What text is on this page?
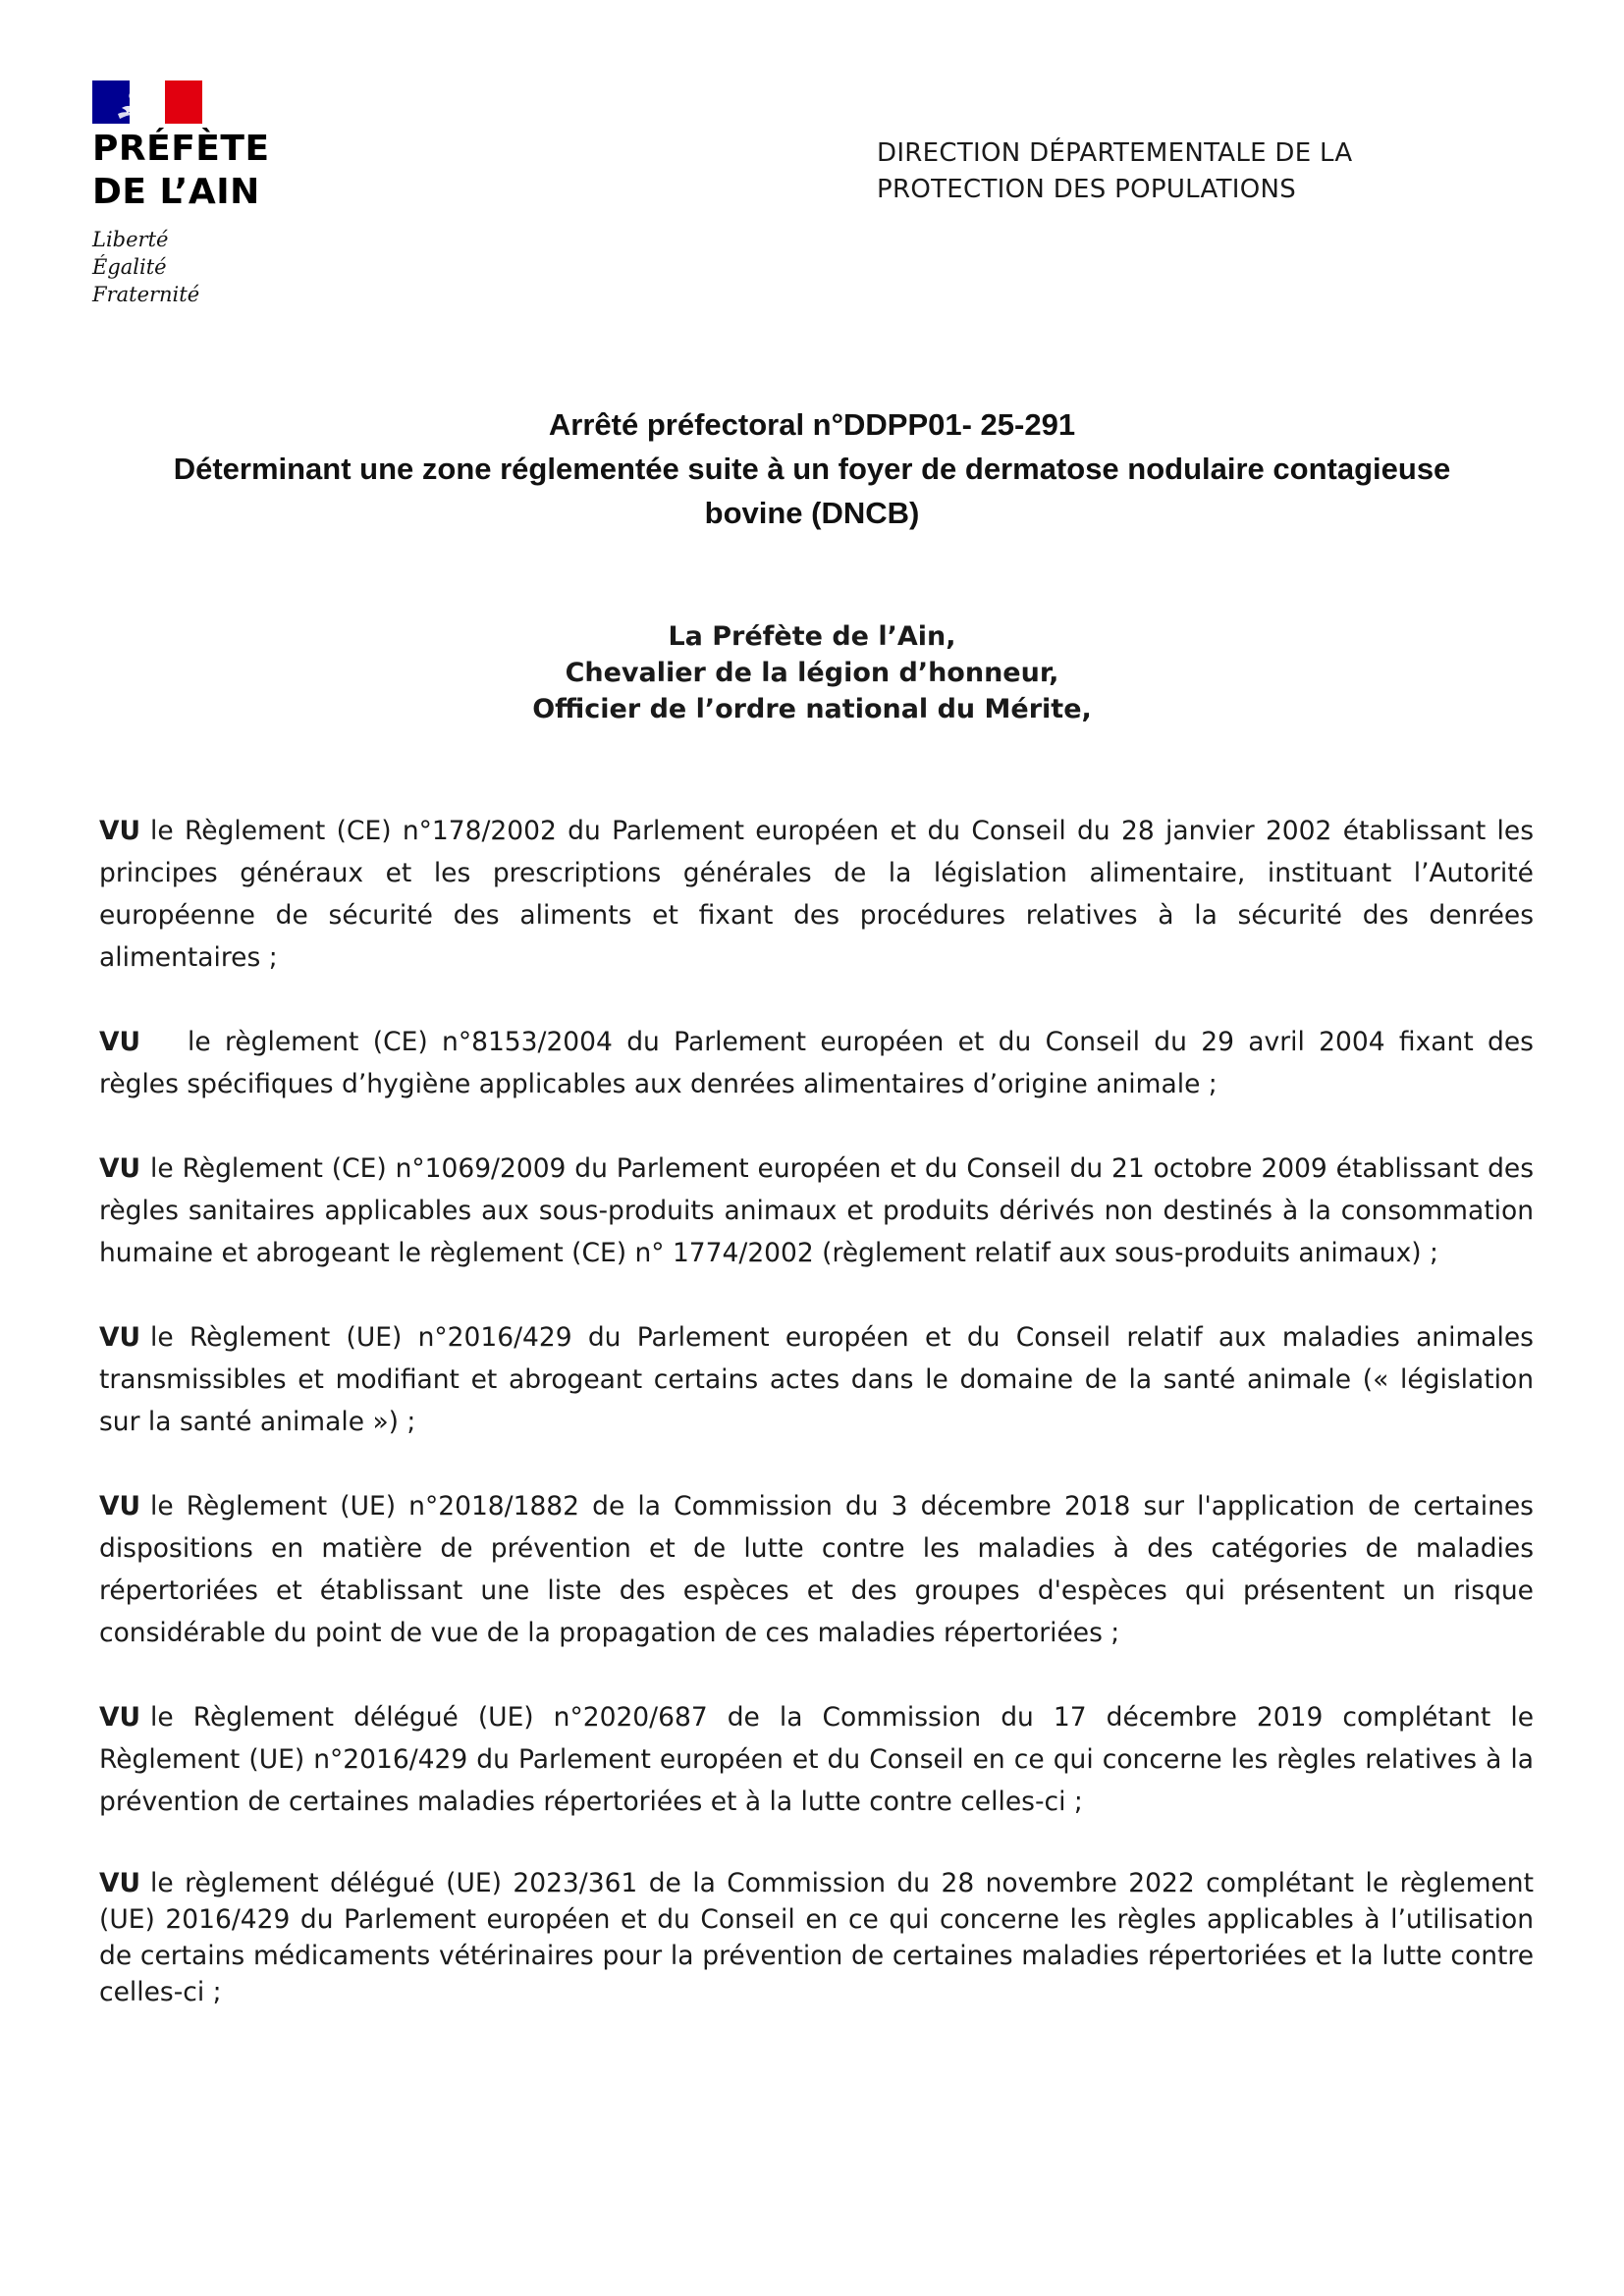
PRÉFÈTE
DE L’AIN
Liberté
Égalité
Fraternité
DIRECTION DÉPARTEMENTALE DE LA
PROTECTION DES POPULATIONS
Arrêté préfectoral n°DDPP01- 25-291
Déterminant une zone réglementée suite à un foyer de dermatose nodulaire contagieuse
bovine (DNCB)
La Préfète de l’Ain,
Chevalier de la légion d’honneur,
Officier de l’ordre national du Mérite,

VU le Règlement (CE) n°178/2002 du Parlement européen et du Conseil du 28 janvier 2002 établissant les principes généraux et les prescriptions générales de la législation alimentaire, instituant l’Autorité européenne de sécurité des aliments et fixant des procédures relatives à la sécurité des denrées alimentaires ;

VU le règlement (CE) n°8153/2004 du Parlement européen et du Conseil du 29 avril 2004 fixant des règles spécifiques d’hygiène applicables aux denrées alimentaires d’origine animale ;

VU le Règlement (CE) n°1069/2009 du Parlement européen et du Conseil du 21 octobre 2009 établissant des règles sanitaires applicables aux sous-produits animaux et produits dérivés non destinés à la consommation humaine et abrogeant le règlement (CE) n° 1774/2002 (règlement relatif aux sous-produits animaux) ;

VU le Règlement (UE) n°2016/429 du Parlement européen et du Conseil relatif aux maladies animales transmissibles et modifiant et abrogeant certains actes dans le domaine de la santé animale (« législation sur la santé animale ») ;

VU le Règlement (UE) n°2018/1882 de la Commission du 3 décembre 2018 sur l'application de certaines dispositions en matière de prévention et de lutte contre les maladies à des catégories de maladies répertoriées et établissant une liste des espèces et des groupes d'espèces qui présentent un risque considérable du point de vue de la propagation de ces maladies répertoriées ;

VU le Règlement délégué (UE) n°2020/687 de la Commission du 17 décembre 2019 complétant le Règlement (UE) n°2016/429 du Parlement européen et du Conseil en ce qui concerne les règles relatives à la prévention de certaines maladies répertoriées et à la lutte contre celles-ci ;

VU le règlement délégué (UE) 2023/361 de la Commission du 28 novembre 2022 complétant le règlement (UE) 2016/429 du Parlement européen et du Conseil en ce qui concerne les règles applicables à l’utilisation de certains médicaments vétérinaires pour la prévention de certaines maladies répertoriées et la lutte contre celles-ci ;
